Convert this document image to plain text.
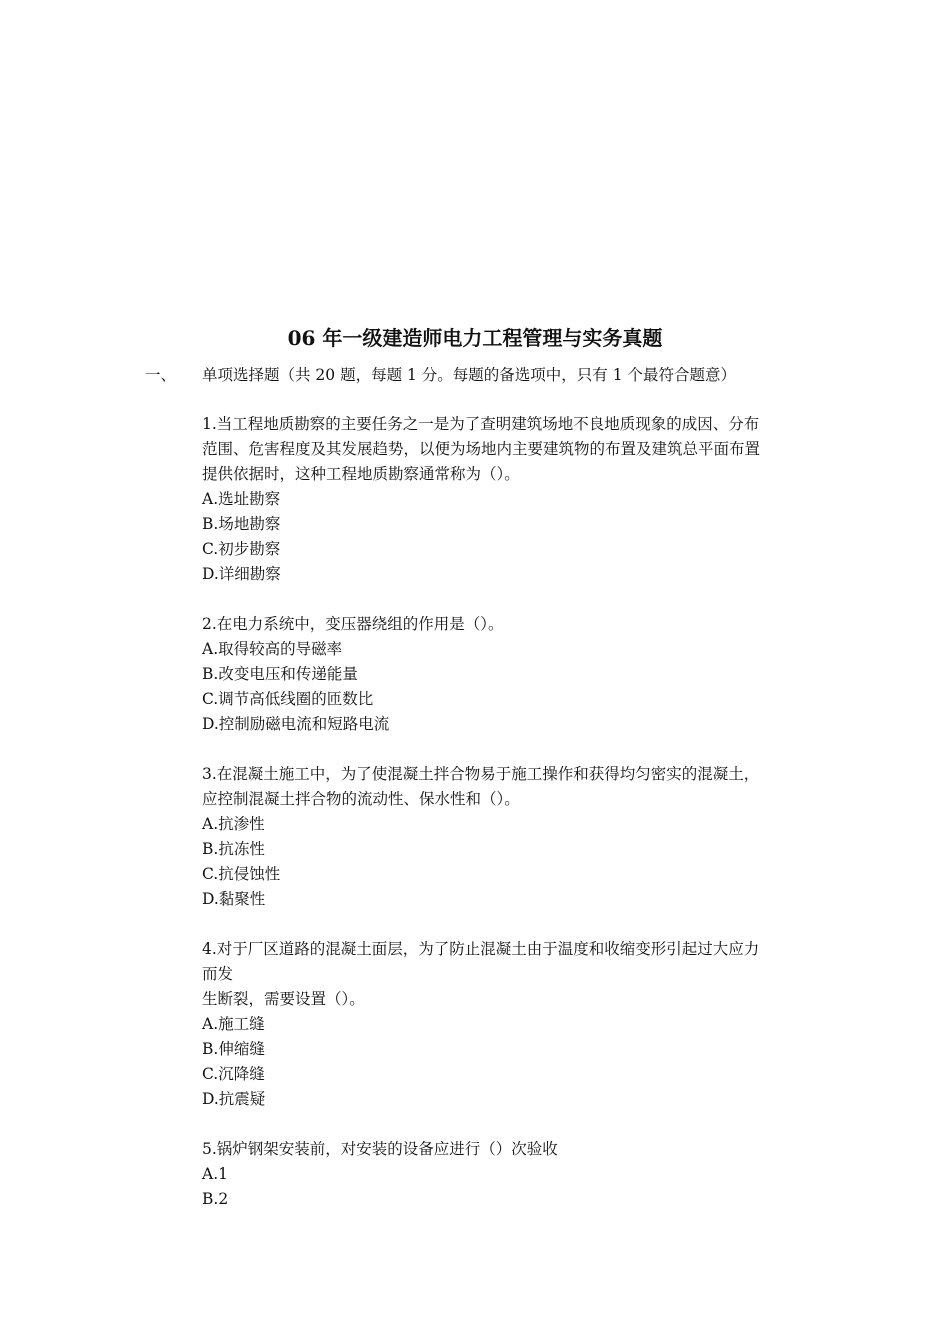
06 年一级建造师电力工程管理与实务真题
一、 单项选择题（共 20 题，每题 1 分。每题的备选项中，只有 1 个最符合题意）
1.当工程地质勘察的主要任务之一是为了查明建筑场地不良地质现象的成因、分布
范围、危害程度及其发展趋势，以便为场地内主要建筑物的布置及建筑总平面布置
提供依据时，这种工程地质勘察通常称为（）。
A.选址勘察
B.场地勘察
C.初步勘察
D.详细勘察
2.在电力系统中，变压器绕组的作用是（）。
A.取得较高的导磁率
B.改变电压和传递能量
C.调节高低线圈的匝数比
D.控制励磁电流和短路电流
3.在混凝土施工中，为了使混凝土拌合物易于施工操作和获得均匀密实的混凝土，
应控制混凝土拌合物的流动性、保水性和（）。
A.抗渗性
B.抗冻性
C.抗侵蚀性
D.黏聚性
4.对于厂区道路的混凝土面层，为了防止混凝土由于温度和收缩变形引起过大应力
而发
生断裂，需要设置（）。
A.施工缝
B.伸缩缝
C.沉降缝
D.抗震疑
5.锅炉钢架安装前，对安装的设备应进行（）次验收
A.1
B.2
